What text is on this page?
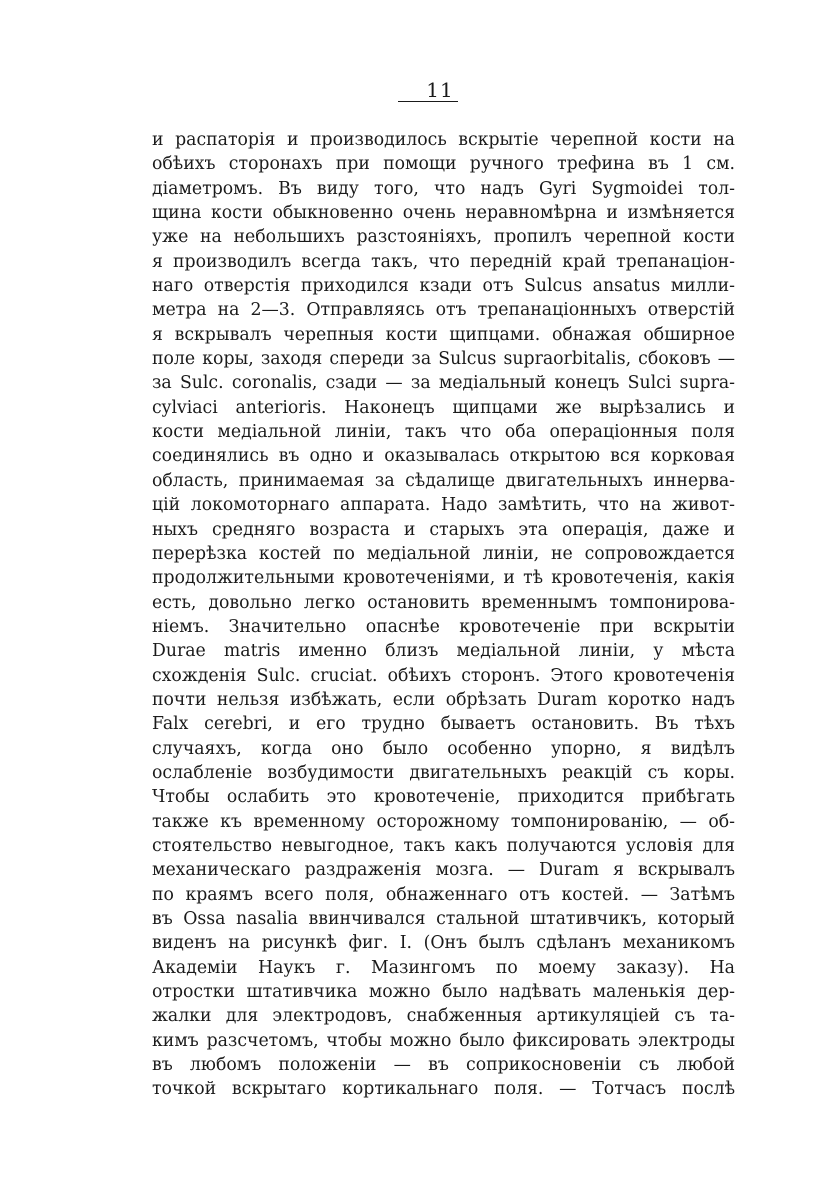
11
и распаторія и производилось вскрытіе черепной кости на
обѣихъ сторонахъ при помощи ручного трефина въ 1 см.
діаметромъ. Въ виду того, что надъ Gyri Sygmoidei тол-
щина кости обыкновенно очень неравномѣрна и измѣняется
уже на небольшихъ разстояніяхъ, пропилъ черепной кости
я производилъ всегда такъ, что передній край трепанаціон-
наго отверстія приходился кзади отъ Sulcus ansatus милли-
метра на 2—3. Отправляясь отъ трепанаціонныхъ отверстій
я вскрывалъ черепныя кости щипцами. обнажая обширное
поле коры, заходя спереди за Sulcus supraorbitalis, сбоковъ —
за Sulc. coronalis, сзади — за медіальный конецъ Sulci supra-
cylviaci anterioris. Наконецъ щипцами же вырѣзались и
кости медіальной линіи, такъ что оба операціонныя поля
соединялись въ одно и оказывалась открытою вся корковая
область, принимаемая за сѣдалище двигательныхъ иннерва-
цій локомоторнаго аппарата. Надо замѣтить, что на живот-
ныхъ средняго возраста и старыхъ эта операція, даже и
перерѣзка костей по медіальной линіи, не сопровождается
продолжительными кровотеченіями, и тѣ кровотеченія, какія
есть, довольно легко остановить временнымъ томпонирова-
ніемъ. Значительно опаснѣе кровотеченіе при вскрытіи
Durae matris именно близъ медіальной линіи, у мѣста
схожденія Sulc. cruciat. обѣихъ сторонъ. Этого кровотеченія
почти нельзя избѣжать, если обрѣзать Duram коротко надъ
Falx cerebri, и его трудно бываетъ остановить. Въ тѣхъ
случаяхъ, когда оно было особенно упорно, я видѣлъ
ослабленіе возбудимости двигательныхъ реакцій съ коры.
Чтобы ослабить это кровотеченіе, приходится прибѣгать
также къ временному осторожному томпонированію, — об-
стоятельство невыгодное, такъ какъ получаются условія для
механическаго раздраженія мозга. — Duram я вскрывалъ
по краямъ всего поля, обнаженнаго отъ костей. — Затѣмъ
въ Ossa nasalia ввинчивался стальной штативчикъ, который
виденъ на рисункѣ фиг. I. (Онъ былъ сдѣланъ механикомъ
Академіи Наукъ г. Мазингомъ по моему заказу). На
отростки штативчика можно было надѣвать маленькія дер-
жалки для электродовъ, снабженныя артикуляціей съ та-
кимъ разсчетомъ, чтобы можно было фиксировать электроды
въ любомъ положеніи — въ соприкосновеніи съ любой
точкой вскрытаго кортикальнаго поля. — Тотчасъ послѣ
